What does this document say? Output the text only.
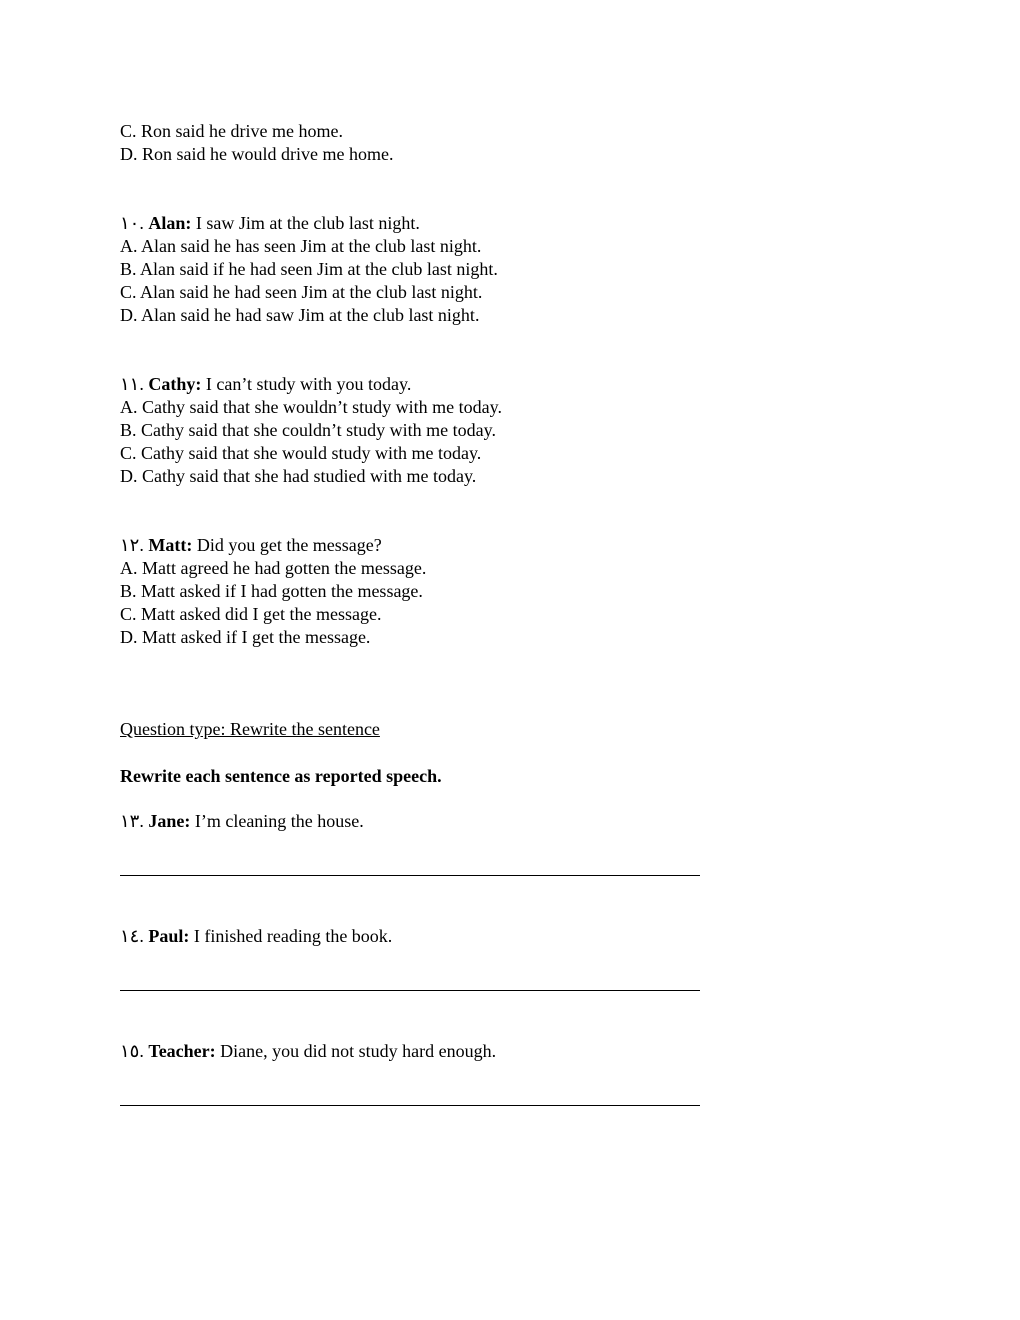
C. Ron said he drive me home.
D. Ron said he would drive me home.
١٠. Alan: I saw Jim at the club last night.
A. Alan said he has seen Jim at the club last night.
B. Alan said if he had seen Jim at the club last night.
C. Alan said he had seen Jim at the club last night.
D. Alan said he had saw Jim at the club last night.
١١. Cathy: I can’t study with you today.
A. Cathy said that she wouldn’t study with me today.
B. Cathy said that she couldn’t study with me today.
C. Cathy said that she would study with me today.
D. Cathy said that she had studied with me today.
١٢. Matt: Did you get the message?
A. Matt agreed he had gotten the message.
B. Matt asked if I had gotten the message.
C. Matt asked did I get the message.
D. Matt asked if I get the message.
Question type: Rewrite the sentence
Rewrite each sentence as reported speech.
١٣. Jane: I’m cleaning the house.
١٤. Paul: I finished reading the book.
١٥. Teacher: Diane, you did not study hard enough.
